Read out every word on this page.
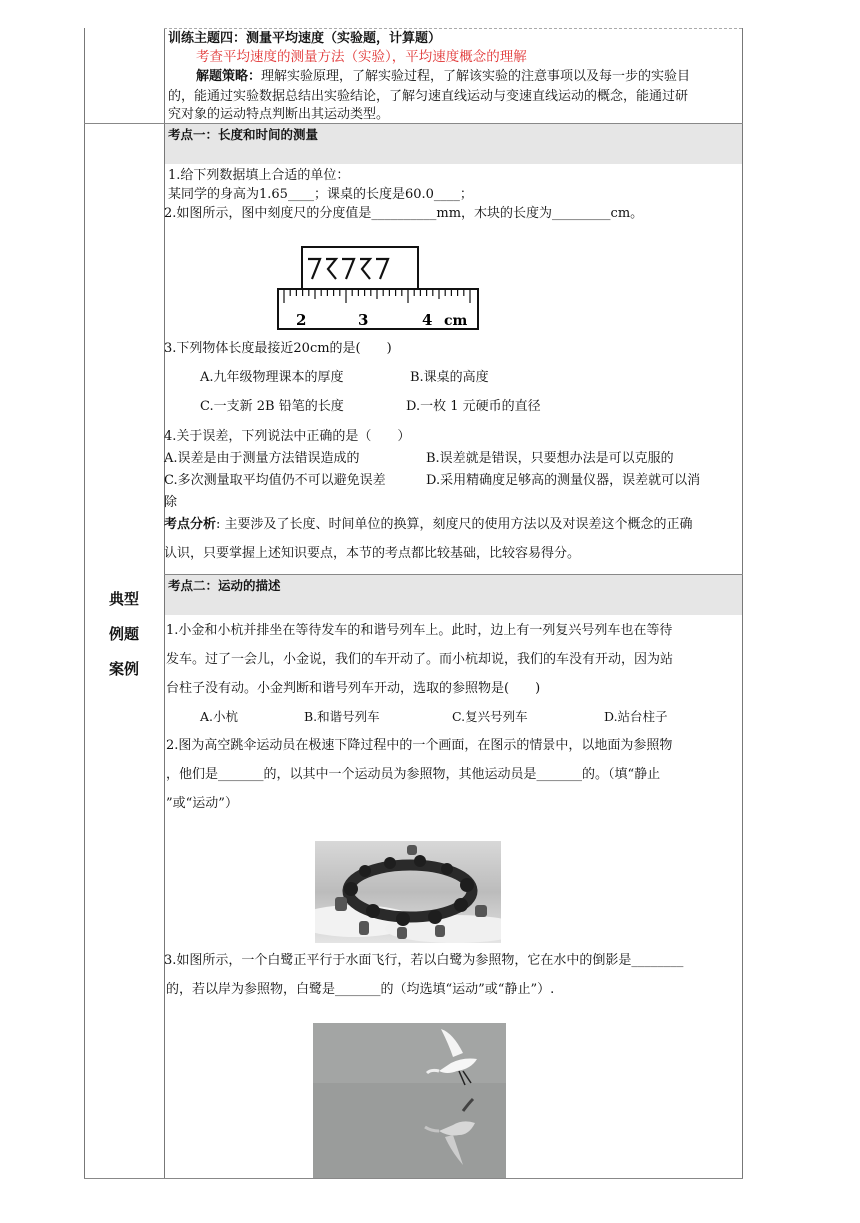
训练主题四：测量平均速度（实验题，计算题）
考查平均速度的测量方法（实验），平均速度概念的理解
解题策略：理解实验原理，了解实验过程，了解该实验的注意事项以及每一步的实验目
的，能通过实验数据总结出实验结论，了解匀速直线运动与变速直线运动的概念，能通过研
究对象的运动特点判断出其运动类型。
典型
例题
案例
考点一：长度和时间的测量
1.给下列数据填上合适的单位：
某同学的身高为1.65____；课桌的长度是60.0____；
2.如图所示，图中刻度尺的分度值是__________mm，木块的长度为_________cm。
2	3	4 cm
3.下列物体长度最接近20cm的是(　　)
A.九年级物理课本的厚度	B.课桌的高度
C.一支新 2B 铅笔的长度	D.一枚 1 元硬币的直径
4.关于误差，下列说法中正确的是（　　）
A.误差是由于测量方法错误造成的	B.误差就是错误，只要想办法是可以克服的
C.多次测量取平均值仍不可以避免误差	D.采用精确度足够高的测量仪器，误差就可以消
除
考点分析: 主要涉及了长度、时间单位的换算，刻度尺的使用方法以及对误差这个概念的正确
认识，只要掌握上述知识要点，本节的考点都比较基础，比较容易得分。
考点二：运动的描述
1.小金和小杭并排坐在等待发车的和谐号列车上。此时，边上有一列复兴号列车也在等待
发车。过了一会儿，小金说，我们的车开动了。而小杭却说，我们的车没有开动，因为站
台柱子没有动。小金判断和谐号列车开动，选取的参照物是(　　)
A.小杭	B.和谐号列车	C.复兴号列车	D.站台柱子
2.图为高空跳伞运动员在极速下降过程中的一个画面，在图示的情景中，以地面为参照物
，他们是_______的，以其中一个运动员为参照物，其他运动员是_______的。（填“静止
”或“运动”）
3.如图所示，一个白鹭正平行于水面飞行，若以白鹭为参照物，它在水中的倒影是________
的，若以岸为参照物，白鹭是_______的（均选填“运动”或“静止”）.
